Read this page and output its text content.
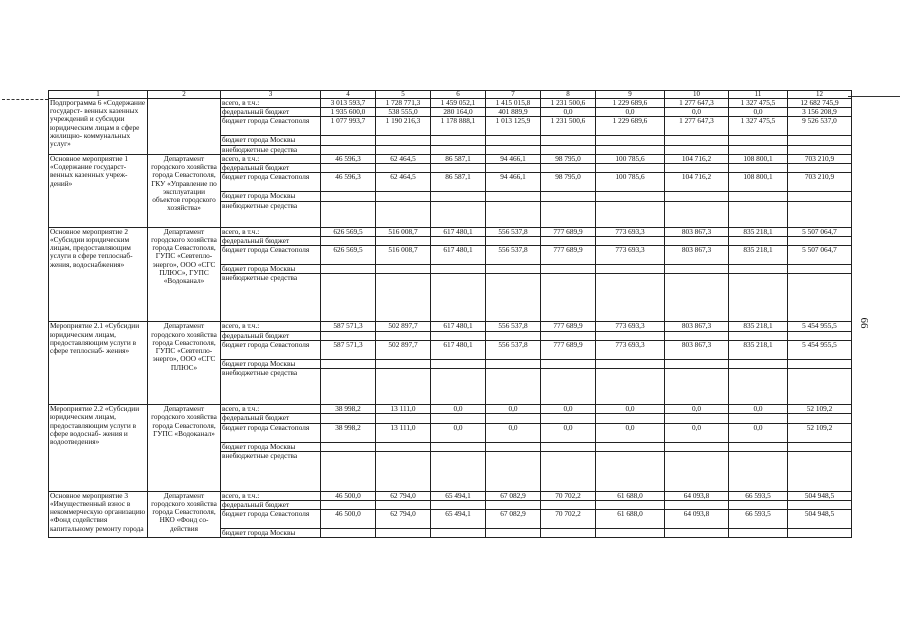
66
1	2	3	4	5	6	7	8	9	10	11	12
Подпрограмма 6 «Содержание государст- венных казенных учреждений и субсидии юридическим лицам в сфере жилищно- коммунальных услуг»		всего, в т.ч.:	3 013 593,7	1 728 771,3	1 459 052,1	1 415 015,8	1 231 500,6	1 229 689,6	1 277 647,3	1 327 475,5	12 682 745,9
		федеральный бюджет	1 935 600,0	538 555,0	280 164,0	401 889,9	0,0	0,0	0,0	0,0	3 156 208,9
		бюджет города Севастополя	1 077 993,7	1 190 216,3	1 178 888,1	1 013 125,9	1 231 500,6	1 229 689,6	1 277 647,3	1 327 475,5	9 526 537,0
		бюджет города Москвы									
		внебюджетные средства									
Основное мероприятие 1 «Содержание государст- венных казенных учреж- дений»	Департамент городского хозяйства города Севастополя, ГКУ «Управление по эксплуатации объектов городского хозяйства»	всего, в т.ч.:	46 596,3	62 464,5	86 587,1	94 466,1	98 795,0	100 785,6	104 716,2	108 800,1	703 210,9
		федеральный бюджет									
		бюджет города Севастополя	46 596,3	62 464,5	86 587,1	94 466,1	98 795,0	100 785,6	104 716,2	108 800,1	703 210,9
		бюджет города Москвы									
		внебюджетные средства									
Основное мероприятие 2 «Субсидии юридическим лицам, предоставляющим услуги в сфере теплоснаб- жения, водоснабжения»	Департамент городского хозяйства города Севастополя, ГУПС «Севтепло- энерго», ООО «СГС ПЛЮС», ГУПС «Водоканал»	всего, в т.ч.:	626 569,5	516 008,7	617 480,1	556 537,8	777 689,9	773 693,3	803 867,3	835 218,1	5 507 064,7
		федеральный бюджет									
		бюджет города Севастополя	626 569,5	516 008,7	617 480,1	556 537,8	777 689,9	773 693,3	803 867,3	835 218,1	5 507 064,7
		бюджет города Москвы									
		внебюджетные средства									
Мероприятие 2.1 «Субсидии юридическим лицам, предоставляющим услуги в сфере теплоснаб- жения»	Департамент городского хозяйства города Севастополя, ГУПС «Севтепло- энерго», ООО «СГС ПЛЮС»	всего, в т.ч.:	587 571,3	502 897,7	617 480,1	556 537,8	777 689,9	773 693,3	803 867,3	835 218,1	5 454 955,5
		федеральный бюджет									
		бюджет города Севастополя	587 571,3	502 897,7	617 480,1	556 537,8	777 689,9	773 693,3	803 867,3	835 218,1	5 454 955,5
		бюджет города Москвы									
		внебюджетные средства									
Мероприятие 2.2 «Субсидии юридическим лицам, предоставляющим услуги в сфере водоснаб- жения и водоотведения»	Департамент городского хозяйства города Севастополя, ГУПС «Водоканал»	всего, в т.ч.:	38 998,2	13 111,0	0,0	0,0	0,0	0,0	0,0	0,0	52 109,2
		федеральный бюджет									
		бюджет города Севастополя	38 998,2	13 111,0	0,0	0,0	0,0	0,0	0,0	0,0	52 109,2
		бюджет города Москвы									
		внебюджетные средства									
Основное мероприятие 3 «Имущественный взнос в некоммерческую организацию «Фонд содействия капитальному ремонту города	Департамент городского хозяйства города Севастополя, НКО «Фонд со- действия	всего, в т.ч.:	46 500,0	62 794,0	65 494,1	67 082,9	70 702,2	61 688,0	64 093,8	66 593,5	504 948,5
		федеральный бюджет									
		бюджет города Севастополя	46 500,0	62 794,0	65 494,1	67 082,9	70 702,2	61 688,0	64 093,8	66 593,5	504 948,5
		бюджет города Москвы									
